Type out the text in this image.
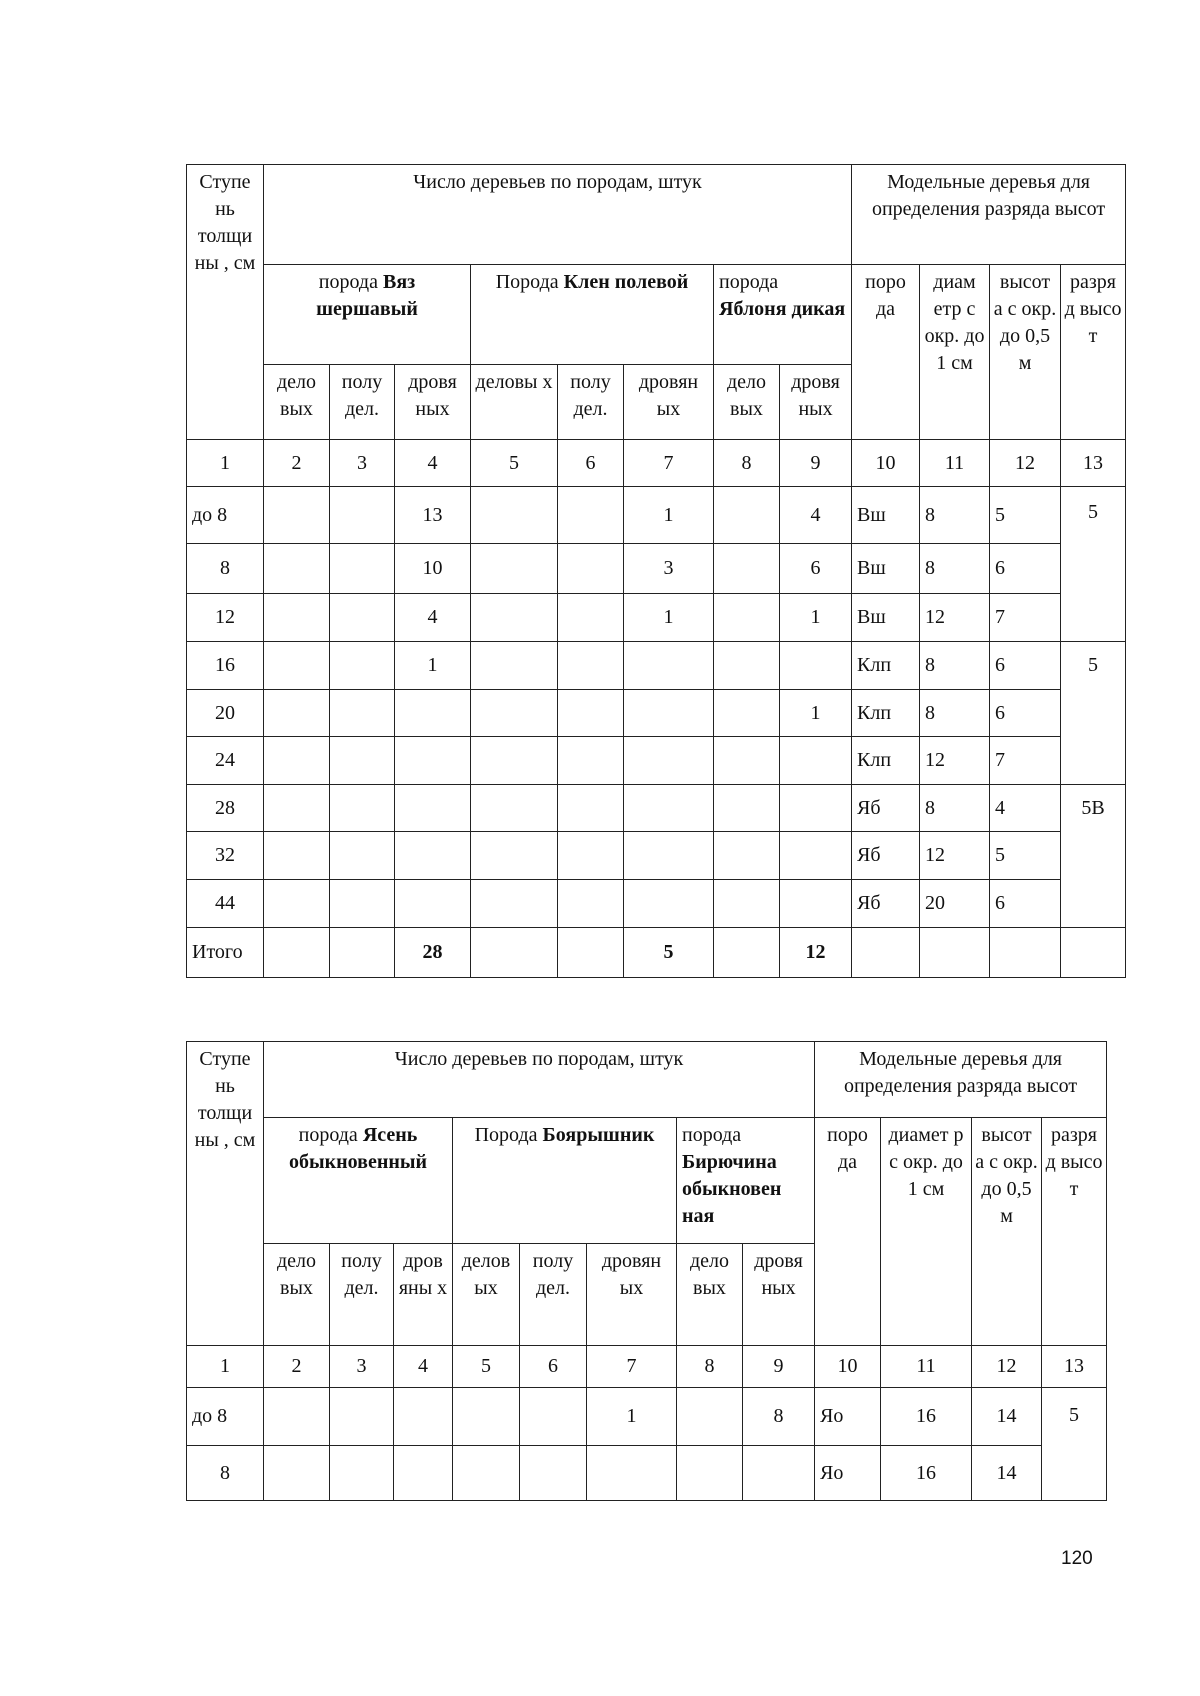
Ступе нь толщи ны , см	Число деревьев по породам, штук								Модельные деревья для определения разряда высот			
	порода Вяз шершавый			Порода Клен полевой			порода Яблоня дикая		поро да	диам етр с окр. до 1 см	высот а с окр. до 0,5 м	разря д высо т
	дело вых	полу дел.	дровя ных	деловы х	полу дел.	дровян ых	дело вых	дровя ных				
1	2	3	4	5	6	7	8	9	10	11	12	13
до 8			13			1		4	Вш	8	5	5
8			10			3		6	Вш	8	6	
12			4			1		1	Вш	12	7	
16			1						Клп	8	6	5
20								1	Клп	8	6	
24									Клп	12	7	
28									Яб	8	4	5В
32									Яб	12	5	
44									Яб	20	6	
Итого			28			5		12				
Ступе нь толщи ны , см	Число деревьев по породам, штук								Модельные деревья для определения разряда высот			
	порода Ясень обыкновенный			Порода Боярышник			порода Бирючина обыкновен ная		поро да	диамет р с окр. до 1 см	высот а с окр. до 0,5 м	разря д высо т
	дело вых	полу дел.	дров яны х	делов ых	полу дел.	дровян ых	дело вых	дровя ных				
1	2	3	4	5	6	7	8	9	10	11	12	13
до 8						1		8	Яо	16	14	5
8									Яо	16	14	
120
